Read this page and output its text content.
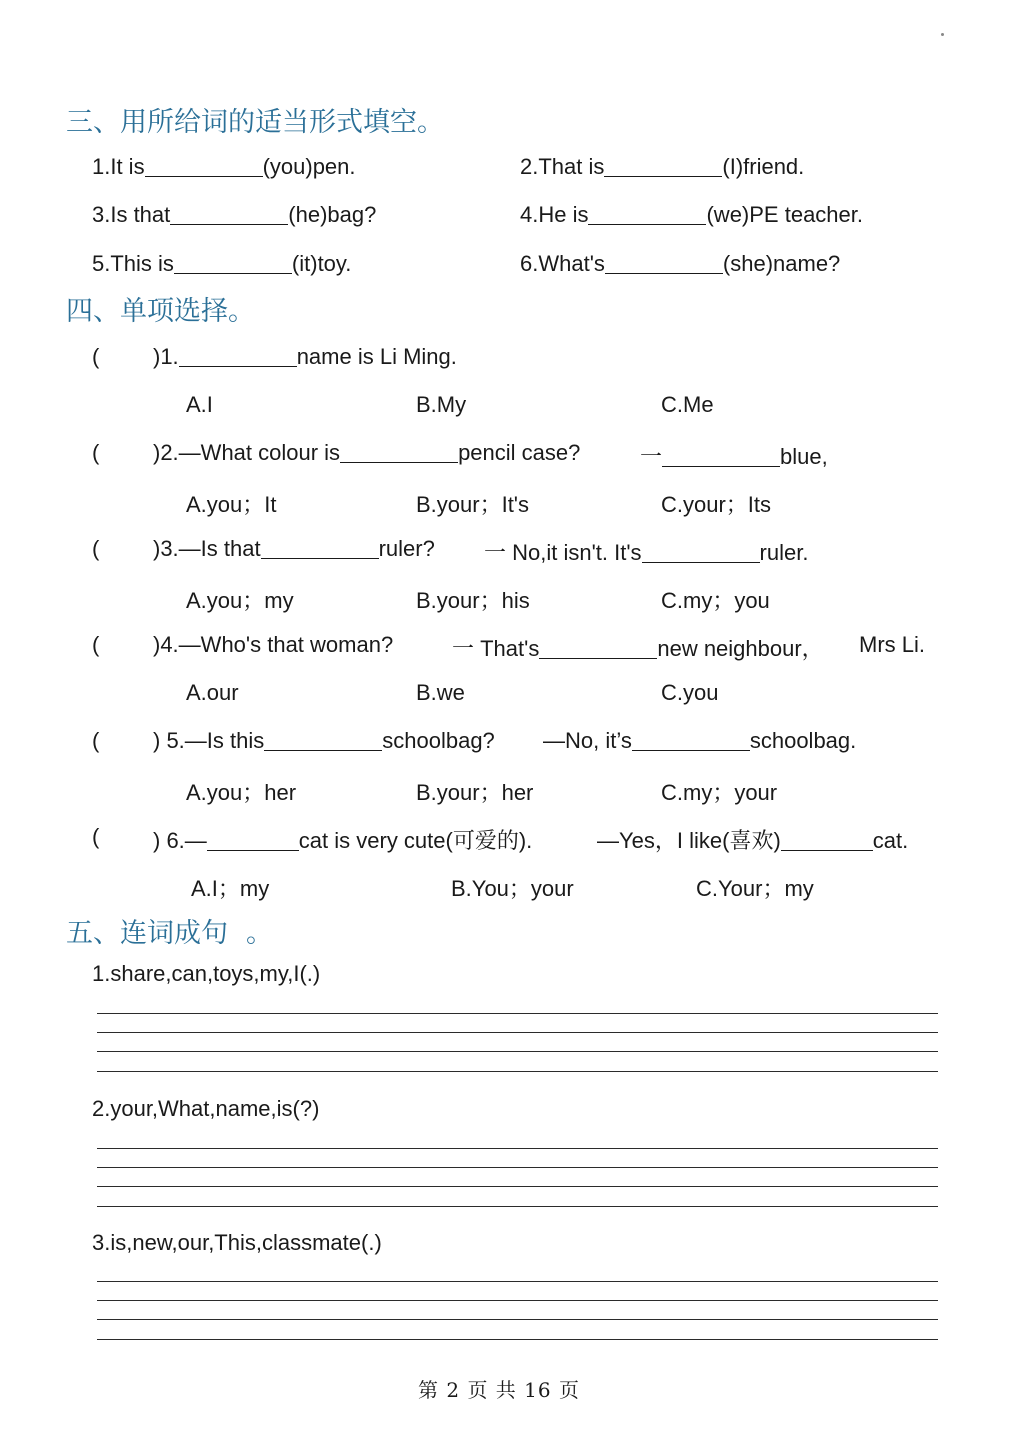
三、用所给词的适当形式填空。
1.It is	(you)pen.	2.That is	(I)friend.
3.Is that	(he)bag?	4.He is	(we)PE teacher.
5.This is	(it)toy.	6.What's	(she)name?
四、单项选择。
( )1.	name is Li Ming.
A.I	B.My	C.Me
( )2.—What colour is	pencil case?	一	blue,
A.you；It	B.your；It's	C.your；Its
( )3.—Is that	ruler? 一 No,it isn't. It's	ruler.
A.you；my	B.your；his	C.my；you
( )4.—Who's that woman?	一 That's	new neighbour， Mrs Li.
A.our	B.we	C.you
( ) 5.—Is this	schoolbag? —No, it’s	schoolbag.
A.you；her	B.your；her	C.my；your
( ) 6.—	cat is very cute(可爱的).	—Yes，I like(喜欢)	cat.
A.I；my	B.You；your	C.Your；my
五、连词成句 。
1.share,can,toys,my,I(.)
2.your,What,name,is(?)
3.is,new,our,This,classmate(.)
第 2 页 共 16 页
